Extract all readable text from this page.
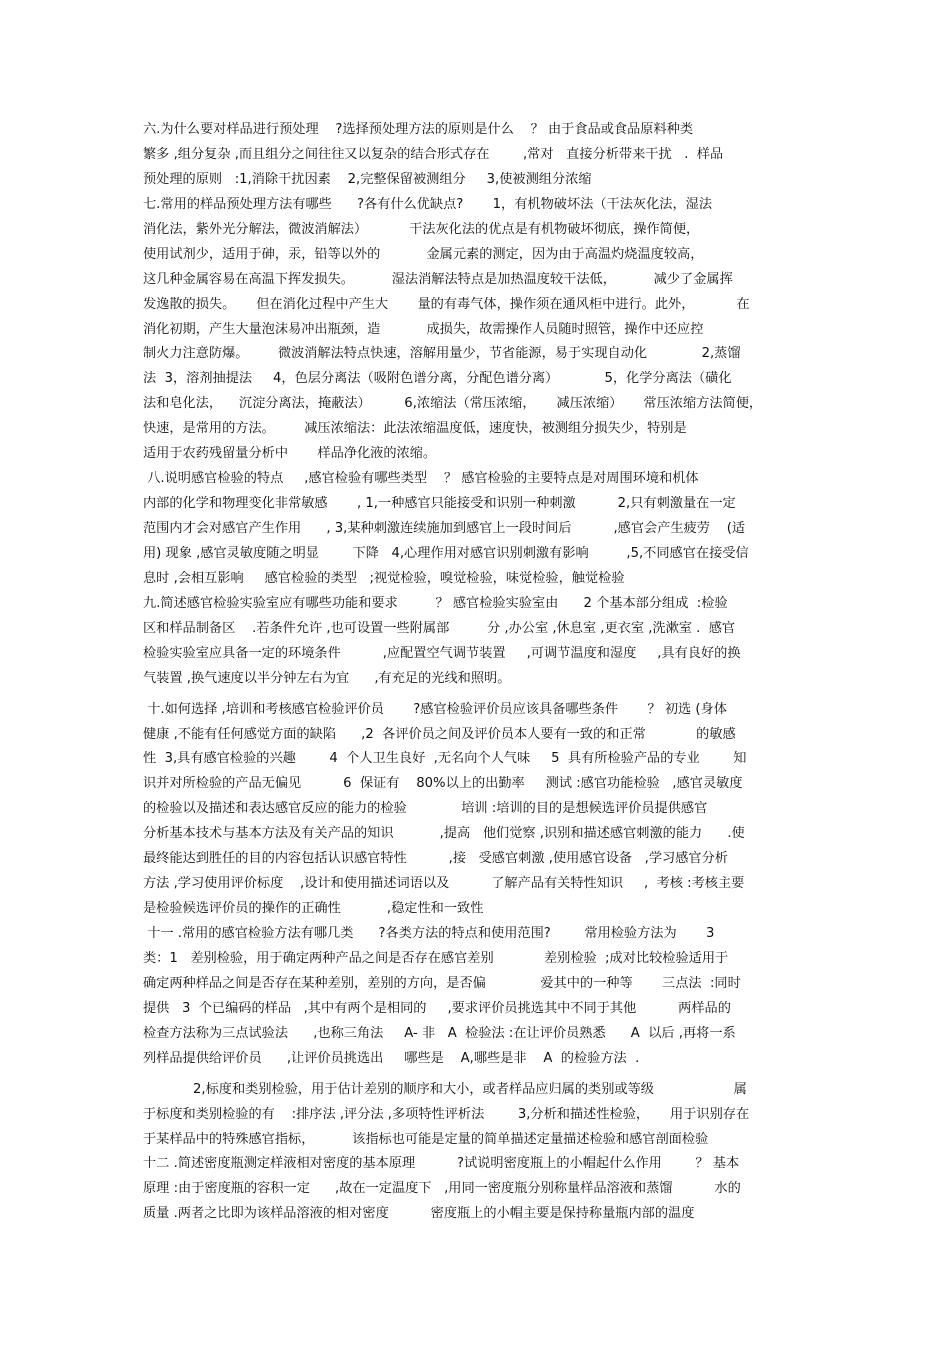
六.为什么要对样品进行预处理    ?选择预处理方法的原则是什么    ？ 由于食品或食品原料种类
繁多 ,组分复杂 ,而且组分之间往往又以复杂的结合形式存在        ,常对   直接分析带来干扰   .  样品
预处理的原则   :1,消除干扰因素    2,完整保留被测组分     3,使被测组分浓缩
七.常用的样品预处理方法有哪些      ?各有什么优缺点?       1，有机物破坏法（干法灰化法，湿法
消化法，紫外光分解法，微波消解法）          干法灰化法的优点是有机物破坏彻底，操作简便，
使用试剂少，适用于砷，汞，铅等以外的           金属元素的测定，因为由于高温灼烧温度较高，
这几种金属容易在高温下挥发损失。         湿法消解法特点是加热温度较干法低，         减少了金属挥
发逸散的损失。     但在消化过程中产生大       量的有毒气体，操作须在通风柜中进行。此外，          在
消化初期，产生大量泡沫易冲出瓶颈，造           成损失，故需操作人员随时照管，操作中还应控
制火力注意防爆。       微波消解法特点快速，溶解用量少，节省能源，易于实现自动化             2,蒸馏
法  3，溶剂抽提法     4，色层分离法（吸附色谱分离，分配色谱分离）           5，化学分离法（磺化
法和皂化法，    沉淀分离法，掩蔽法）        6,浓缩法（常压浓缩，     减压浓缩）     常压浓缩方法简便，
快速，是常用的方法。       减压浓缩法：此法浓缩温度低，速度快，被测组分损失少，特别是
适用于农药残留量分析中       样品净化液的浓缩。
八.说明感官检验的特点     ,感官检验有哪些类型    ？ 感官检验的主要特点是对周围环境和机体
内部的化学和物理变化非常敏感       , 1,一种感官只能接受和识别一种刺激          2,只有刺激量在一定
范围内才会对感官产生作用      , 3,某种刺激连续施加到感官上一段时间后          ,感官会产生疲劳    (适
用) 现象 ,感官灵敏度随之明显        下降   4,心理作用对感官识别刺激有影响         ,5,不同感官在接受信
息时 ,会相互影响     感官检验的类型   ;视觉检验，嗅觉检验，味觉检验，触觉检验
九.简述感官检验实验室应有哪些功能和要求         ？ 感官检验实验室由      2 个基本部分组成  :检验
区和样品制备区    .若条件允许 ,也可设置一些附属部         分 ,办公室 ,休息室 ,更衣室 ,洗漱室 .  感官
检验实验室应具备一定的环境条件          ,应配置空气调节装置     ,可调节温度和湿度     ,具有良好的换
气装置 ,换气速度以半分钟左右为宜      ,有充足的光线和照明。
十.如何选择 ,培训和考核感官检验评价员       ?感官检验评价员应该具备哪些条件       ？ 初选 (身体
健康 ,不能有任何感觉方面的缺陷      ,2  各评价员之间及评价员本人要有一致的和正常            的敏感
性  3,具有感官检验的兴趣        4  个人卫生良好  ,无名向个人气味     5  具有所检验产品的专业        知
识并对所检验的产品无偏见          6  保证有    80%以上的出勤率     测试 :感官功能检验   ,感官灵敏度
的检验以及描述和表达感官反应的能力的检验             培训 :培训的目的是想候选评价员提供感官
分析基本技术与基本方法及有关产品的知识           ,提高   他们觉察 ,识别和描述感官刺激的能力      .使
最终能达到胜任的目的内容包括认识感官特性          ,接   受感官刺激 ,使用感官设备   ,学习感官分析
方法 ,学习使用评价标度    ,设计和使用描述词语以及          了解产品有关特性知识     ,  考核 :考核主要
是检验候选评价员的操作的正确性           ,稳定性和一致性
十一 .常用的感官检验方法有哪几类      ?各类方法的特点和使用范围?        常用检验方法为       3
类：1   差别检验，用于确定两种产品之间是否存在感官差别            差别检验  ;成对比较检验适用于
确定两种样品之间是否存在某种差别，差别的方向，是否偏             爱其中的一种等       三点法  :同时
提供   3  个已编码的样品   ,其中有两个是相同的     ,要求评价员挑选其中不同于其他          两样品的
检查方法称为三点试验法      ,也称三角法     A- 非   A  检验法 :在让评价员熟悉      A  以后 ,再将一系
列样品提供给评价员      ,让评价员挑选出     哪些是    A,哪些是非    A  的检验方法  .
2,标度和类别检验，用于估计差别的顺序和大小，或者样品应归属的类别或等级                   属
于标度和类别检验的有    :排序法 ,评分法 ,多项特性评析法        3,分析和描述性检验，     用于识别存在
于某样品中的特殊感官指标，         该指标也可能是定量的简单描述定量描述检验和感官剖面检验
十二 .简述密度瓶测定样液相对密度的基本原理          ?试说明密度瓶上的小帽起什么作用        ？ 基本
原理 :由于密度瓶的容积一定      ,故在一定温度下   ,用同一密度瓶分别称量样品溶液和蒸馏          水的
质量 .两者之比即为该样品溶液的相对密度          密度瓶上的小帽主要是保持称量瓶内部的温度
